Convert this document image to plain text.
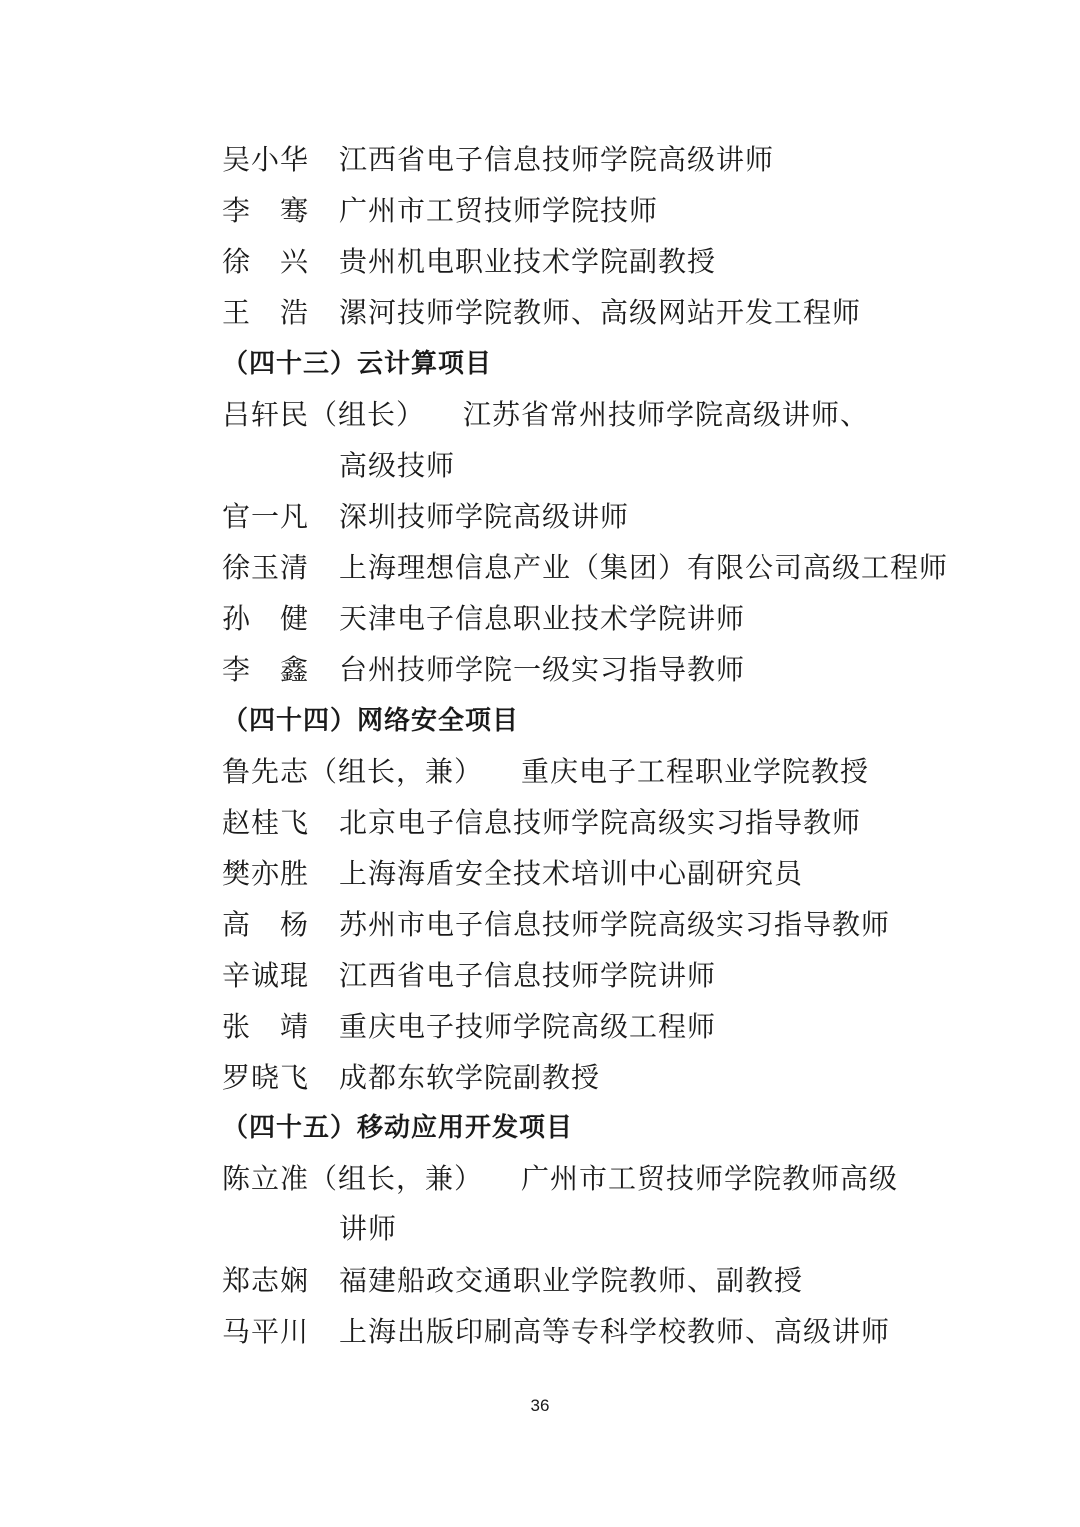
吴小华 江西省电子信息技师学院高级讲师
李　骞 广州市工贸技师学院技师
徐　兴 贵州机电职业技术学院副教授
王　浩 漯河技师学院教师、高级网站开发工程师
（四十三）云计算项目
吕轩民（组长） 江苏省常州技师学院高级讲师、
高级技师
官一凡 深圳技师学院高级讲师
徐玉清 上海理想信息产业（集团）有限公司高级工程师
孙　健 天津电子信息职业技术学院讲师
李　鑫 台州技师学院一级实习指导教师
（四十四）网络安全项目
鲁先志（组长，兼） 重庆电子工程职业学院教授
赵桂飞 北京电子信息技师学院高级实习指导教师
樊亦胜 上海海盾安全技术培训中心副研究员
高　杨 苏州市电子信息技师学院高级实习指导教师
辛诚琨 江西省电子信息技师学院讲师
张　靖 重庆电子技师学院高级工程师
罗晓飞 成都东软学院副教授
（四十五）移动应用开发项目
陈立准（组长，兼） 广州市工贸技师学院教师高级
讲师
郑志娴 福建船政交通职业学院教师、副教授
马平川 上海出版印刷高等专科学校教师、高级讲师
36
